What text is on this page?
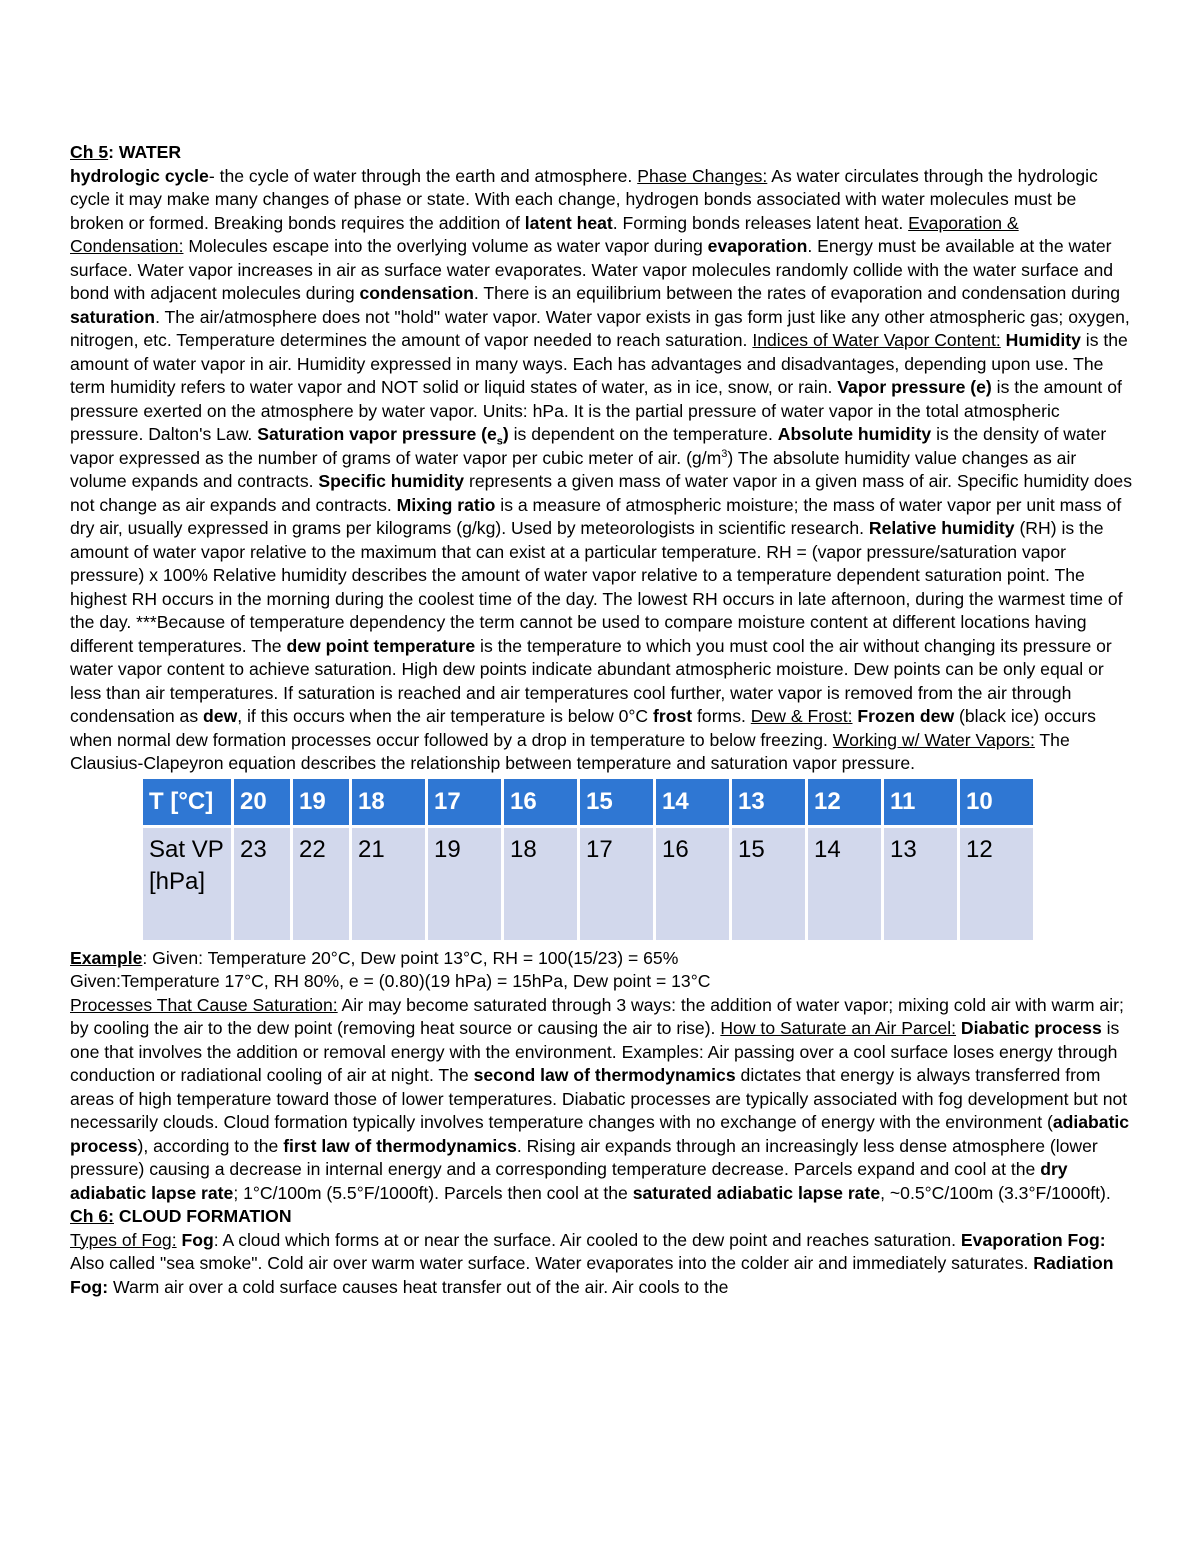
Ch 5: WATER

hydrologic cycle- the cycle of water through the earth and atmosphere. Phase Changes: As water circulates through the hydrologic cycle it may make many changes of phase or state. With each change, hydrogen bonds associated with water molecules must be broken or formed. Breaking bonds requires the addition of latent heat. Forming bonds releases latent heat. Evaporation & Condensation: Molecules escape into the overlying volume as water vapor during evaporation. Energy must be available at the water surface. Water vapor increases in air as surface water evaporates. Water vapor molecules randomly collide with the water surface and bond with adjacent molecules during condensation. There is an equilibrium between the rates of evaporation and condensation during saturation. The air/atmosphere does not "hold" water vapor. Water vapor exists in gas form just like any other atmospheric gas; oxygen, nitrogen, etc. Temperature determines the amount of vapor needed to reach saturation. Indices of Water Vapor Content: Humidity is the amount of water vapor in air. Humidity expressed in many ways. Each has advantages and disadvantages, depending upon use. The term humidity refers to water vapor and NOT solid or liquid states of water, as in ice, snow, or rain. Vapor pressure (e) is the amount of pressure exerted on the atmosphere by water vapor. Units: hPa. It is the partial pressure of water vapor in the total atmospheric pressure. Dalton's Law. Saturation vapor pressure $(e_s)$ is dependent on the temperature. Absolute humidity is the density of water vapor expressed as the number of grams of water vapor per cubic meter of air. $(g/m^3)$ The absolute humidity value changes as air volume expands and contracts. Specific humidity represents a given mass of water vapor in a given mass of air. Specific humidity does not change as air expands and contracts. Mixing ratio is a measure of atmospheric moisture; the mass of water vapor per unit mass of dry air, usually expressed in grams per kilograms (g/kg). Used by meteorologists in scientific research. Relative humidity (RH) is the amount of water vapor relative to the maximum that can exist at a particular temperature. RH = (vapor pressure/saturation vapor pressure) x 100% Relative humidity describes the amount of water vapor relative to a temperature dependent saturation point. The highest RH occurs in the morning during the coolest time of the day. The lowest RH occurs in late afternoon, during the warmest time of the day. ***Because of temperature dependency the term cannot be used to compare moisture content at different locations having different temperatures. The dew point temperature is the temperature to which you must cool the air without changing its pressure or water vapor content to achieve saturation. High dew points indicate abundant atmospheric moisture. Dew points can be only equal or less than air temperatures. If saturation is reached and air temperatures cool further, water vapor is removed from the air through condensation as dew, if this occurs when the air temperature is below 0°C frost forms. Dew & Frost: Frozen dew (black ice) occurs when normal dew formation processes occur followed by a drop in temperature to below freezing. Working w/ Water Vapors: The Clausius-Clapeyron equation describes the relationship between temperature and saturation vapor pressure.

T [°C]	20	19	18	17	16	15	14	13	12	11	10
Sat VP [hPa]	23	22	21	19	18	17	16	15	14	13	12

Example: Given: Temperature 20°C, Dew point 13°C, RH = 100(15/23) = 65%

Given:Temperature 17°C, RH 80%, e = (0.80)(19 hPa) = 15hPa, Dew point = 13°C

Processes That Cause Saturation: Air may become saturated through 3 ways: the addition of water vapor; mixing cold air with warm air; by cooling the air to the dew point (removing heat source or causing the air to rise). How to Saturate an Air Parcel: Diabatic process is one that involves the addition or removal energy with the environment. Examples: Air passing over a cool surface loses energy through conduction or radiational cooling of air at night. The second law of thermodynamics dictates that energy is always transferred from areas of high temperature toward those of lower temperatures. Diabatic processes are typically associated with fog development but not necessarily clouds. Cloud formation typically involves temperature changes with no exchange of energy with the environment (adiabatic process), according to the first law of thermodynamics. Rising air expands through an increasingly less dense atmosphere (lower pressure) causing a decrease in internal energy and a corresponding temperature decrease. Parcels expand and cool at the dry adiabatic lapse rate; 1°C/100m (5.5°F/1000ft). Parcels then cool at the saturated adiabatic lapse rate, ~0.5°C/100m (3.3°F/1000ft).

Ch 6: CLOUD FORMATION

Types of Fog: Fog: A cloud which forms at or near the surface. Air cooled to the dew point and reaches saturation. Evaporation Fog: Also called "sea smoke". Cold air over warm water surface. Water evaporates into the colder air and immediately saturates. Radiation Fog: Warm air over a cold surface causes heat transfer out of the air. Air cools to the
